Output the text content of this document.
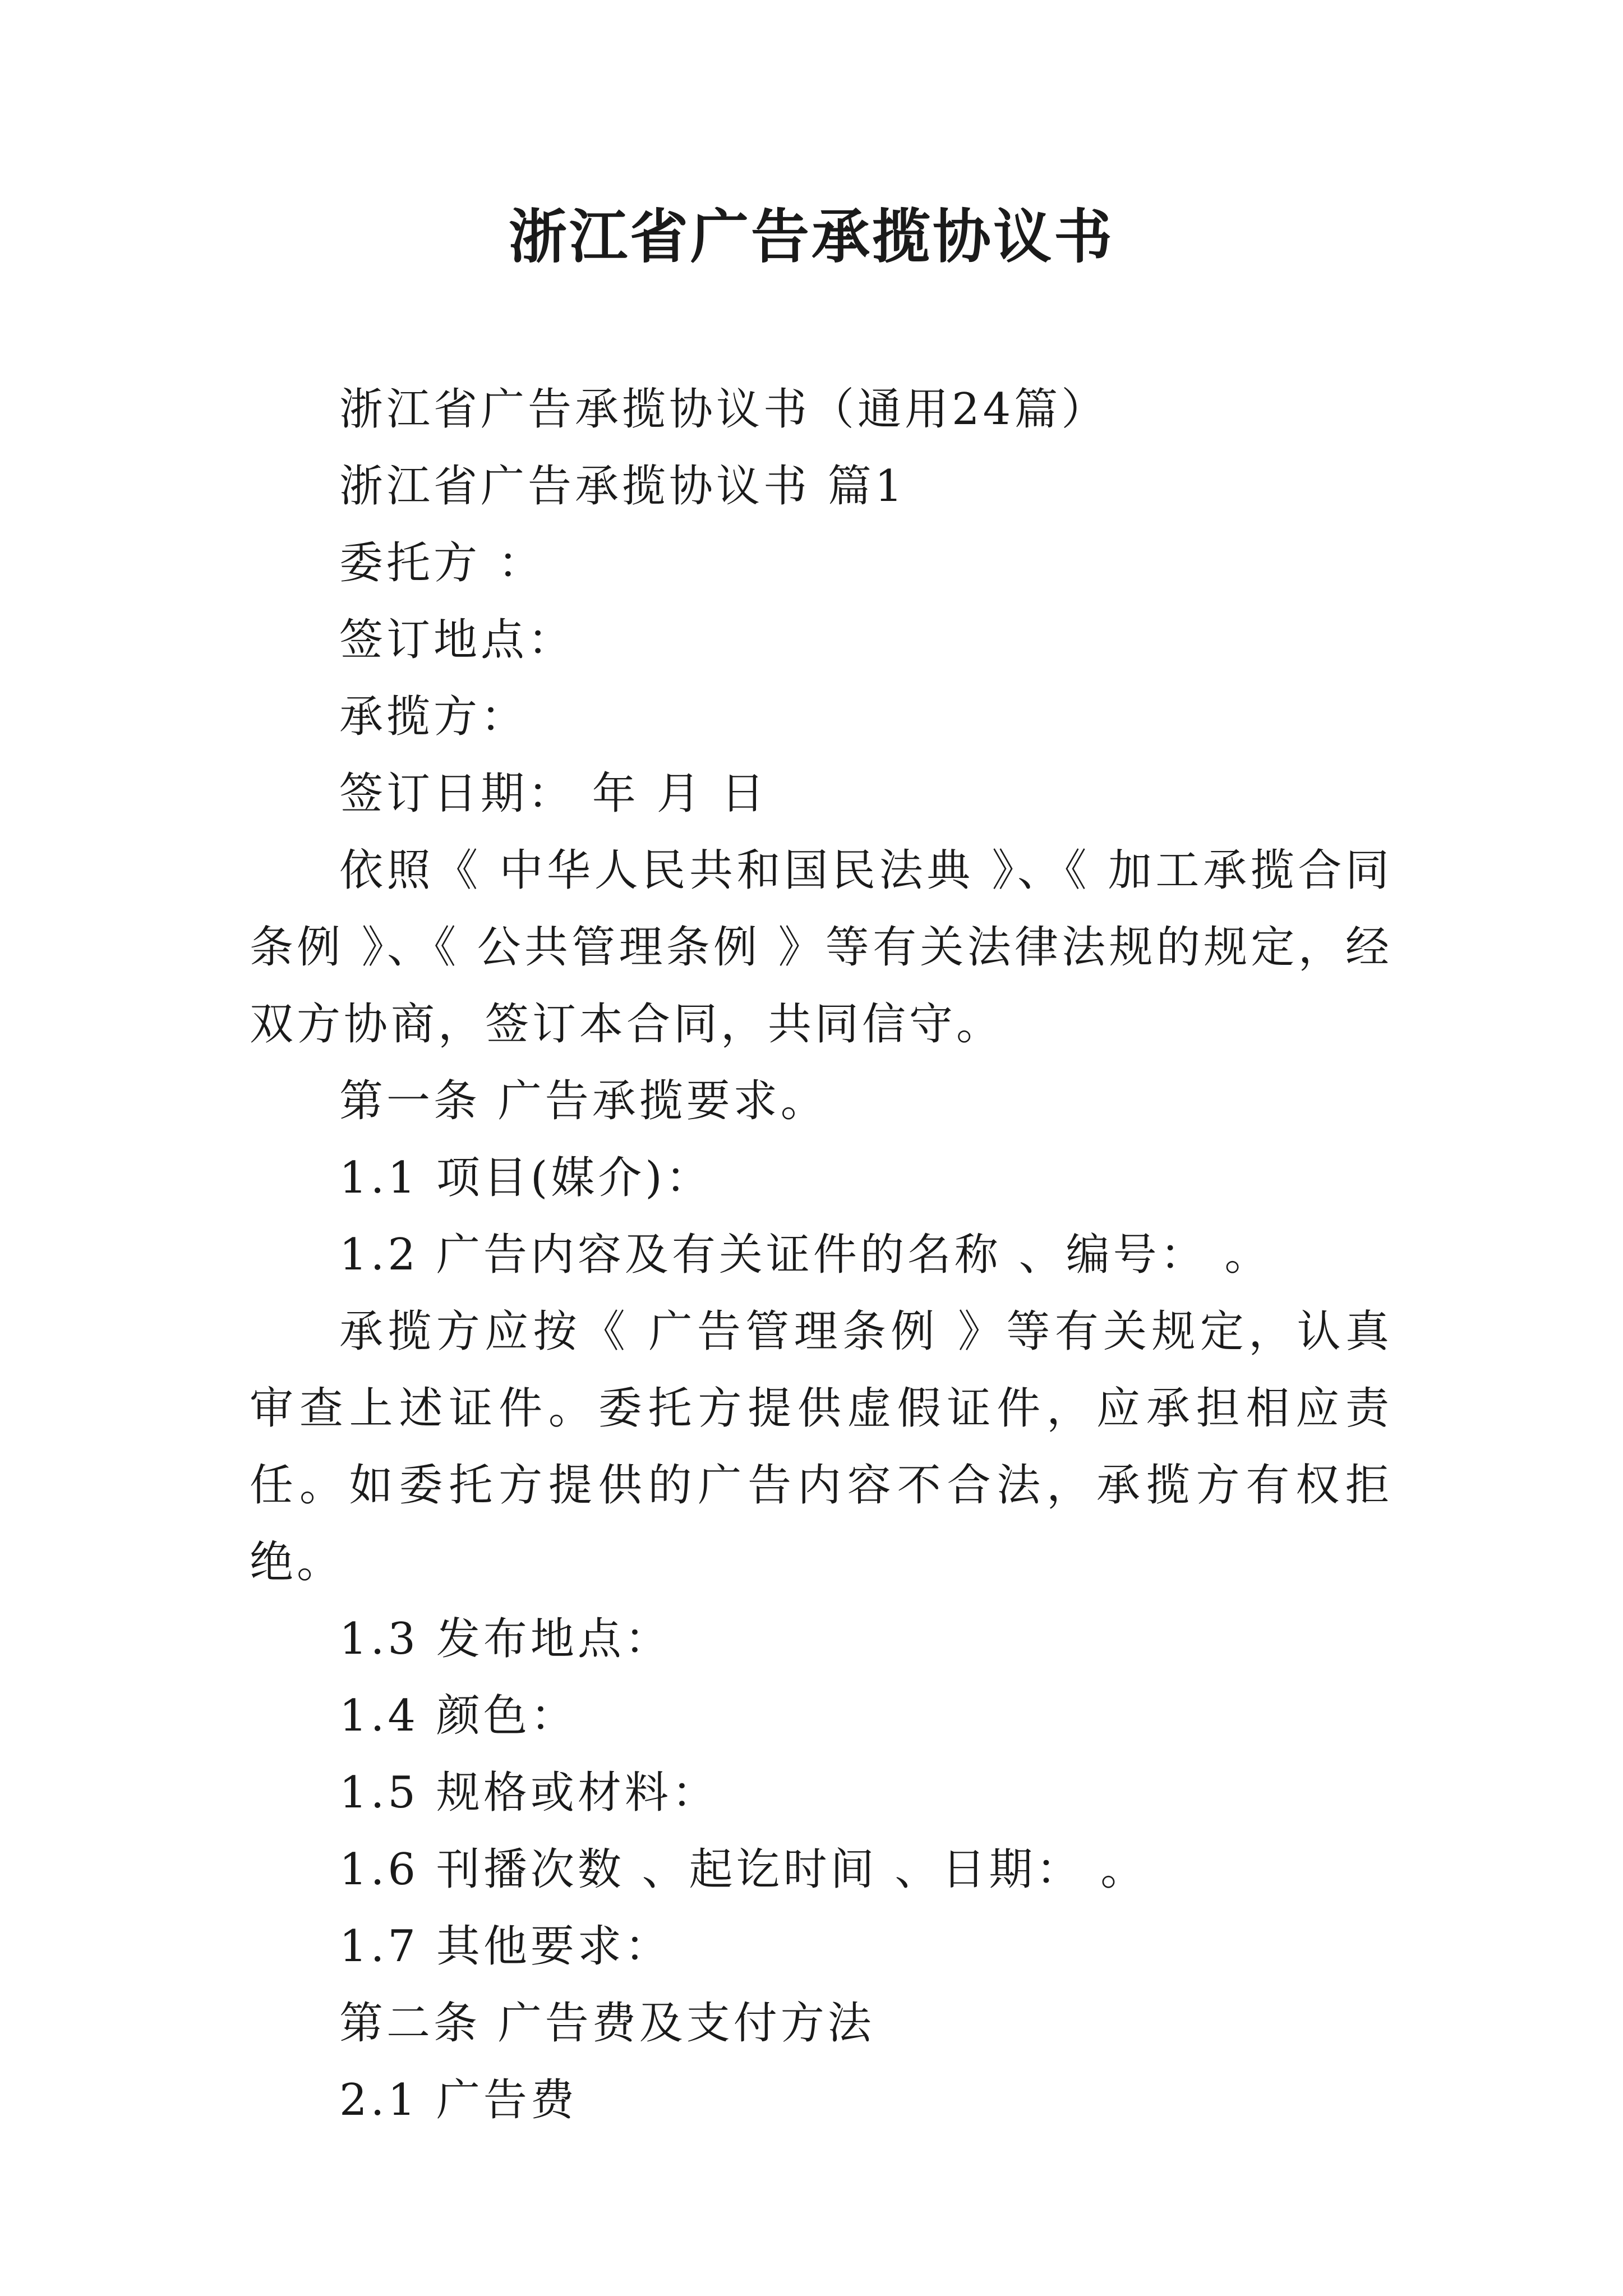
浙江省广告承揽协议书

浙江省广告承揽协议书（通用24篇）

浙江省广告承揽协议书 篇1

委托方 ：

签订地点：

承揽方：

签订日期： 年 月 日

依照《 中华人民共和国民法典 》、《 加工承揽合同条例 》、《 公共管理条例 》等有关法律法规的规定，经双方协商，签订本合同，共同信守。

第一条 广告承揽要求。

1.1 项目(媒介)：

1.2 广告内容及有关证件的名称 、编号： 。

承揽方应按《 广告管理条例 》等有关规定，认真审查上述证件。委托方提供虚假证件，应承担相应责任。如委托方提供的广告内容不合法，承揽方有权拒绝。

1.3 发布地点：

1.4 颜色：

1.5 规格或材料：

1.6 刊播次数 、起讫时间 、日期： 。

1.7 其他要求：

第二条 广告费及支付方法

2.1 广告费
